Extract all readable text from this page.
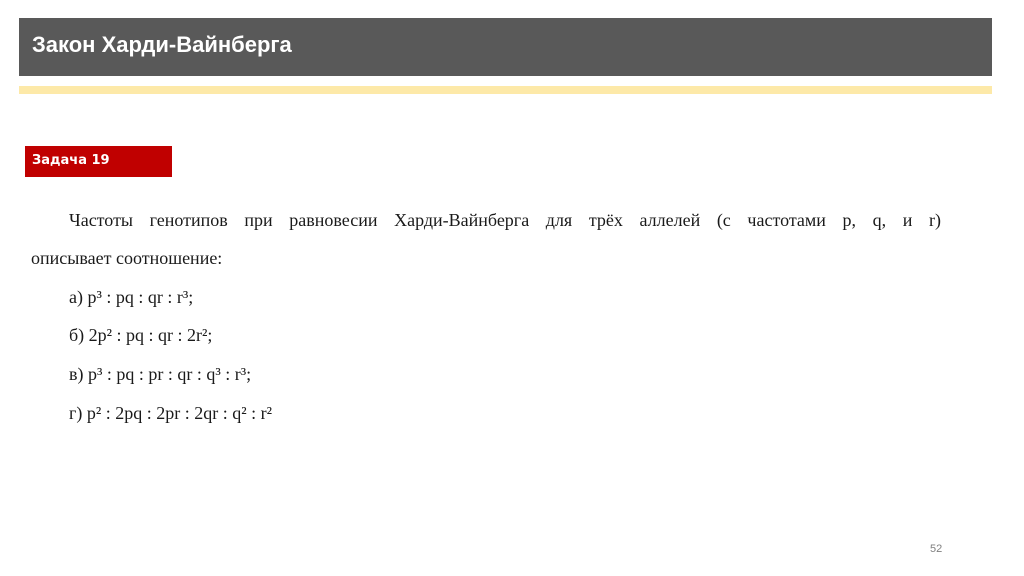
Закон Харди-Вайнберга
Задача 19
Частоты генотипов при равновесии Харди-Вайнберга для трёх аллелей (с частотами p, q, и r)
описывает соотношение:
а) p³ : pq : qr : r³;
б) 2p² : pq : qr : 2r²;
в) p³ : pq : pr : qr : q³ : r³;
г) p² : 2pq : 2pr : 2qr : q² : r²
52
